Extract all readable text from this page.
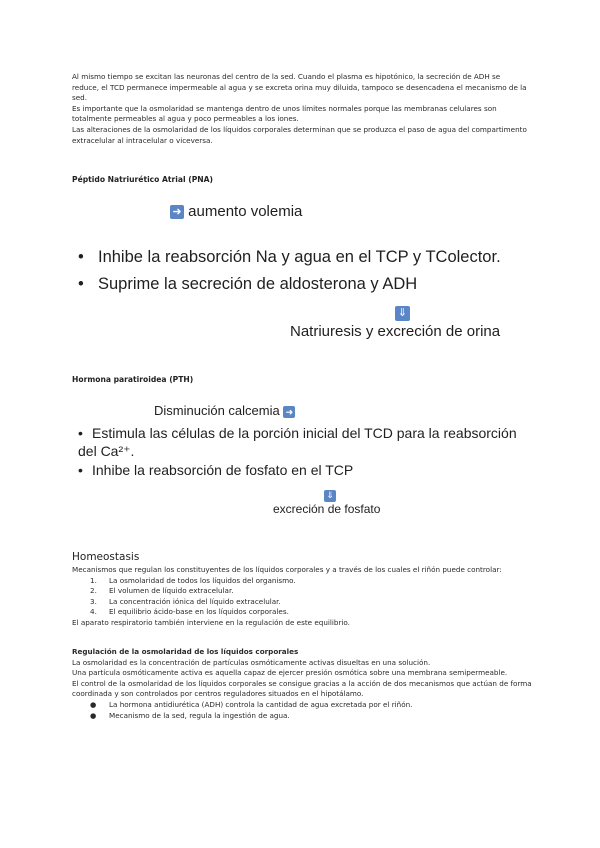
Al mismo tiempo se excitan las neuronas del centro de la sed. Cuando el plasma es hipotónico, la secreción de ADH se reduce, el TCD permanece impermeable al agua y se excreta orina muy diluida, tampoco se desencadena el mecanismo de la sed.

Es importante que la osmolaridad se mantenga dentro de unos límites normales porque las membranas celulares son totalmente permeables al agua y poco permeables a los iones.

Las alteraciones de la osmolaridad de los líquidos corporales determinan que se produzca el paso de agua del compartimento extracelular al intracelular o viceversa.

Péptido Natriurético Atrial (PNA)
➜ aumento volemia
• Inhibe la reabsorción Na y agua en el TCP y TColector.
• Suprime la secreción de aldosterona y ADH
⇓
Natriuresis y excreción de orina
Hormona paratiroidea (PTH)
Disminución calcemia ➜
• Estimula las células de la porción inicial del TCD para la reabsorción del Ca²⁺.
• Inhibe la reabsorción de fosfato en el TCP
⇓
excreción de fosfato
Homeostasis

Mecanismos que regulan los constituyentes de los líquidos corporales y a través de los cuales el riñón puede controlar:

1. La osmolaridad de todos los líquidos del organismo.
2. El volumen de líquido extracelular.
3. La concentración iónica del líquido extracelular.
4. El equilibrio ácido-base en los líquidos corporales.

El aparato respiratorio también interviene en la regulación de este equilibrio.

Regulación de la osmolaridad de los líquidos corporales

La osmolaridad es la concentración de partículas osmóticamente activas disueltas en una solución.

Una partícula osmóticamente activa es aquella capaz de ejercer presión osmótica sobre una membrana semipermeable.

El control de la osmolaridad de los líquidos corporales se consigue gracias a la acción de dos mecanismos que actúan de forma coordinada y son controlados por centros reguladores situados en el hipotálamo.

● La hormona antidiurética (ADH) controla la cantidad de agua excretada por el riñón.
● Mecanismo de la sed, regula la ingestión de agua.
